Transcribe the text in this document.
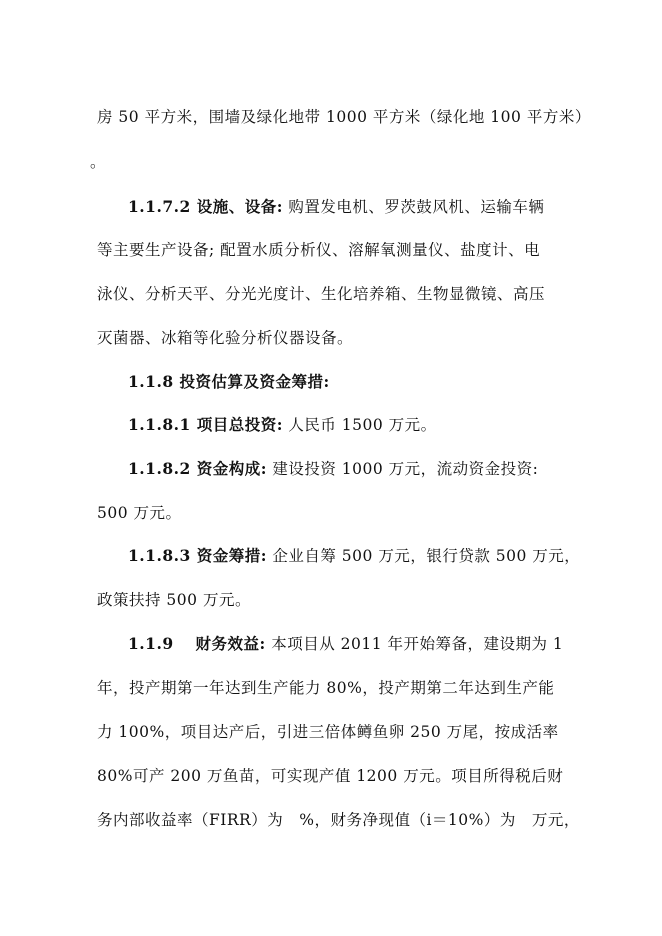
房 50 平方米，围墙及绿化地带 1000 平方米（绿化地 100 平方米）
。
1.1.7.2 设施、设备: 购置发电机、罗茨鼓风机、运输车辆
等主要生产设备; 配置水质分析仪、溶解氧测量仪、盐度计、电
泳仪、分析天平、分光光度计、生化培养箱、生物显微镜、高压
灭菌器、冰箱等化验分析仪器设备。
1.1.8 投资估算及资金筹措:
1.1.8.1 项目总投资: 人民币 1500 万元。
1.1.8.2 资金构成: 建设投资 1000 万元，流动资金投资:
500 万元。
1.1.8.3 资金筹措: 企业自筹 500 万元，银行贷款 500 万元，
政策扶持 500 万元。
1.1.9　 财务效益: 本项目从 2011 年开始筹备，建设期为 1
年，投产期第一年达到生产能力 80%，投产期第二年达到生产能
力 100%，项目达产后，引进三倍体鳟鱼卵 250 万尾，按成活率
80%可产 200 万鱼苗，可实现产值 1200 万元。项目所得税后财
务内部收益率（FIRR）为　%，财务净现值（i＝10%）为　万元，
